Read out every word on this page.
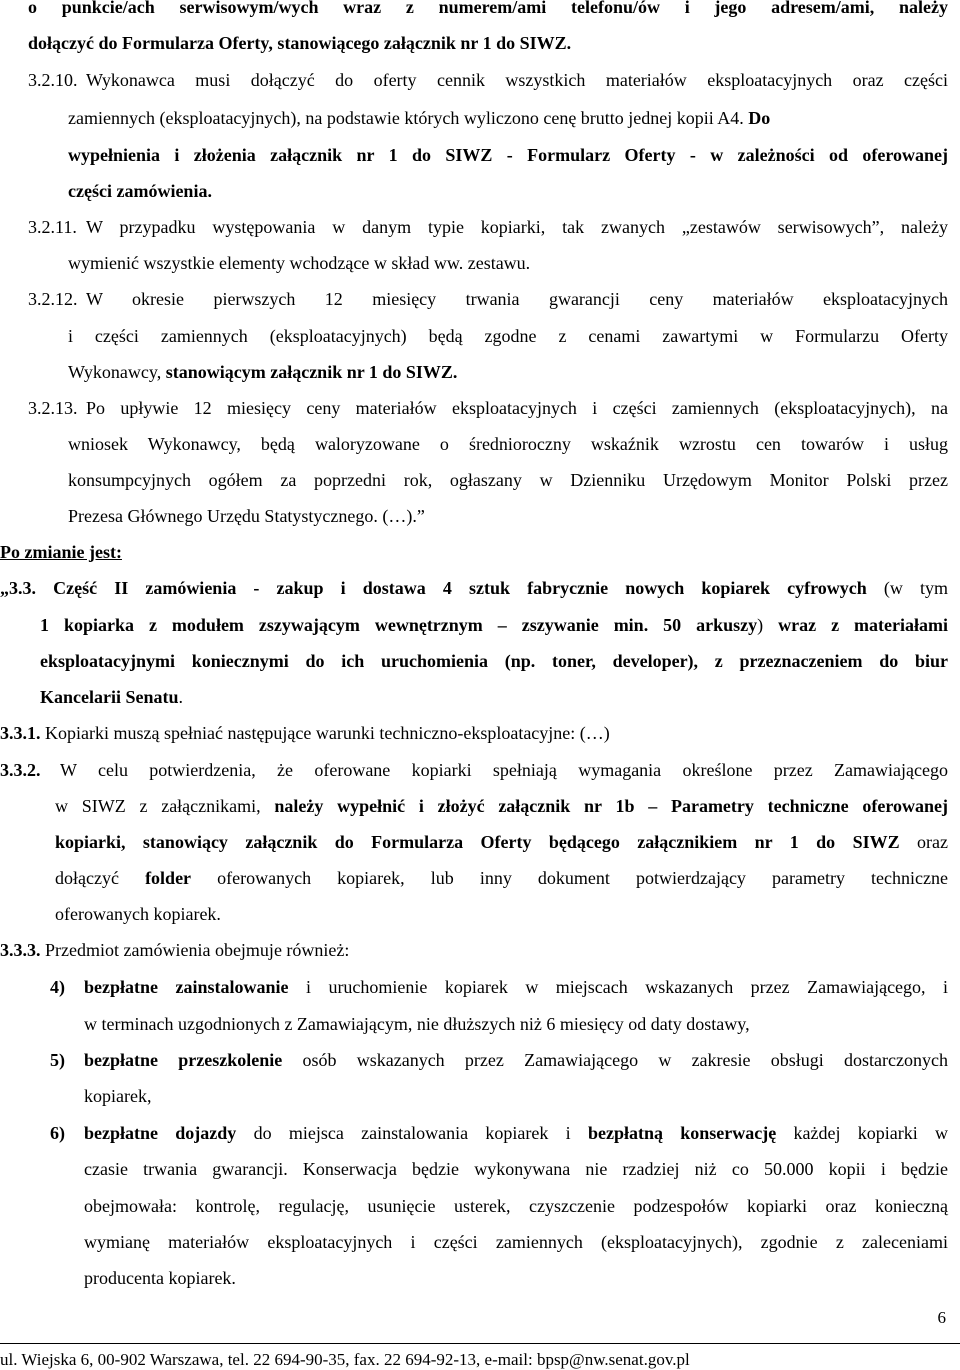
o punkcie/ach serwisowym/wych wraz z numerem/ami telefonu/ów i jego adresem/ami, należy
dołączyć do Formularza Oferty, stanowiącego załącznik nr 1 do SIWZ.
3.2.10. Wykonawca musi dołączyć do oferty cennik wszystkich materiałów eksploatacyjnych oraz części
zamiennych (eksploatacyjnych), na podstawie których wyliczono cenę brutto jednej kopii A4. Do
wypełnienia i złożenia załącznik nr 1 do SIWZ - Formularz Oferty - w zależności od oferowanej
części zamówienia.
3.2.11. W przypadku występowania w danym typie kopiarki, tak zwanych „zestawów serwisowych”, należy
wymienić wszystkie elementy wchodzące w skład ww. zestawu.
3.2.12. W okresie pierwszych 12 miesięcy trwania gwarancji ceny materiałów eksploatacyjnych
i części zamiennych (eksploatacyjnych) będą zgodne z cenami zawartymi w Formularzu Oferty
Wykonawcy, stanowiącym załącznik nr 1 do SIWZ.
3.2.13. Po upływie 12 miesięcy ceny materiałów eksploatacyjnych i części zamiennych (eksploatacyjnych), na
wniosek Wykonawcy, będą waloryzowane o średnioroczny wskaźnik wzrostu cen towarów i usług
konsumpcyjnych ogółem za poprzedni rok, ogłaszany w Dzienniku Urzędowym Monitor Polski przez
Prezesa Głównego Urzędu Statystycznego. (…).”
Po zmianie jest:
„3.3. Część II zamówienia - zakup i dostawa 4 sztuk fabrycznie nowych kopiarek cyfrowych (w tym
1 kopiarka z modułem zszywającym wewnętrznym – zszywanie min. 50 arkuszy) wraz z materiałami
eksploatacyjnymi koniecznymi do ich uruchomienia (np. toner, developer), z przeznaczeniem do biur
Kancelarii Senatu.
3.3.1. Kopiarki muszą spełniać następujące warunki techniczno-eksploatacyjne: (…)
3.3.2. W celu potwierdzenia, że oferowane kopiarki spełniają wymagania określone przez Zamawiającego
w SIWZ z załącznikami, należy wypełnić i złożyć załącznik nr 1b – Parametry techniczne oferowanej
kopiarki, stanowiący załącznik do Formularza Oferty będącego załącznikiem nr 1 do SIWZ oraz
dołączyć folder oferowanych kopiarek, lub inny dokument potwierdzający parametry techniczne
oferowanych kopiarek.
3.3.3. Przedmiot zamówienia obejmuje również:
4) bezpłatne zainstalowanie i uruchomienie kopiarek w miejscach wskazanych przez Zamawiającego, i
w terminach uzgodnionych z Zamawiającym, nie dłuższych niż 6 miesięcy od daty dostawy,
5) bezpłatne przeszkolenie osób wskazanych przez Zamawiającego w zakresie obsługi dostarczonych
kopiarek,
6) bezpłatne dojazdy do miejsca zainstalowania kopiarek i bezpłatną konserwację każdej kopiarki w
czasie trwania gwarancji. Konserwacja będzie wykonywana nie rzadziej niż co 50.000 kopii i będzie
obejmowała: kontrolę, regulację, usunięcie usterek, czyszczenie podzespołów kopiarki oraz konieczną
wymianę materiałów eksploatacyjnych i części zamiennych (eksploatacyjnych), zgodnie z zaleceniami
producenta kopiarek.
6
ul. Wiejska 6, 00-902 Warszawa, tel. 22 694-90-35, fax. 22 694-92-13, e-mail: bpsp@nw.senat.gov.pl
